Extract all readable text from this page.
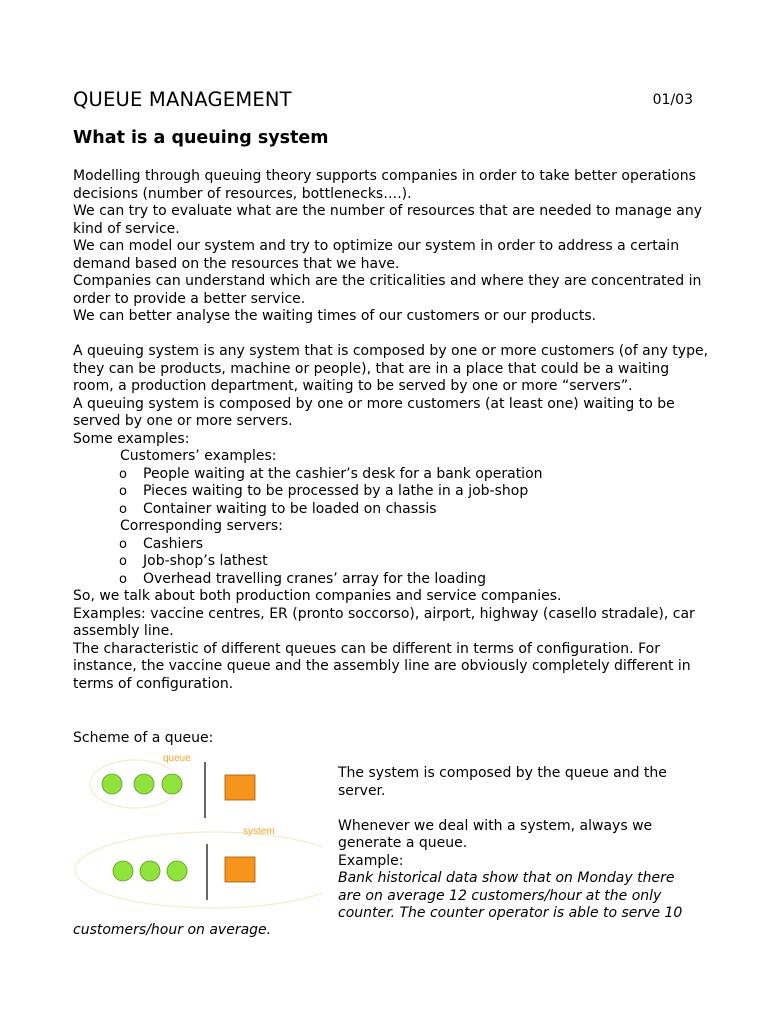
QUEUE MANAGEMENT	01/03
What is a queuing system

Modelling through queuing theory supports companies in order to take better operations decisions (number of resources, bottlenecks….).

We can try to evaluate what are the number of resources that are needed to manage any kind of service.

We can model our system and try to optimize our system in order to address a certain demand based on the resources that we have.

Companies can understand which are the criticalities and where they are concentrated in order to provide a better service.

We can better analyse the waiting times of our customers or our products.

A queuing system is any system that is composed by one or more customers (of any type, they can be products, machine or people), that are in a place that could be a waiting room, a production department, waiting to be served by one or more “servers”.

A queuing system is composed by one or more customers (at least one) waiting to be served by one or more servers.

Some examples:

Customers’ examples:
o People waiting at the cashier’s desk for a bank operation
o Pieces waiting to be processed by a lathe in a job-shop
o Container waiting to be loaded on chassis
Corresponding servers:
o Cashiers
o Job-shop’s lathest
o Overhead travelling cranes’ array for the loading

So, we talk about both production companies and service companies.

Examples: vaccine centres, ER (pronto soccorso), airport, highway (casello stradale), car assembly line.

The characteristic of different queues can be different in terms of configuration. For instance, the vaccine queue and the assembly line are obviously completely different in terms of configuration.

Scheme of a queue:
queue
system

The system is composed by the queue and the server.

Whenever we deal with a system, always we generate a queue.

Example:

Bank historical data show that on Monday there are on average 12 customers/hour at the only counter. The counter operator is able to serve 10

customers/hour on average.
